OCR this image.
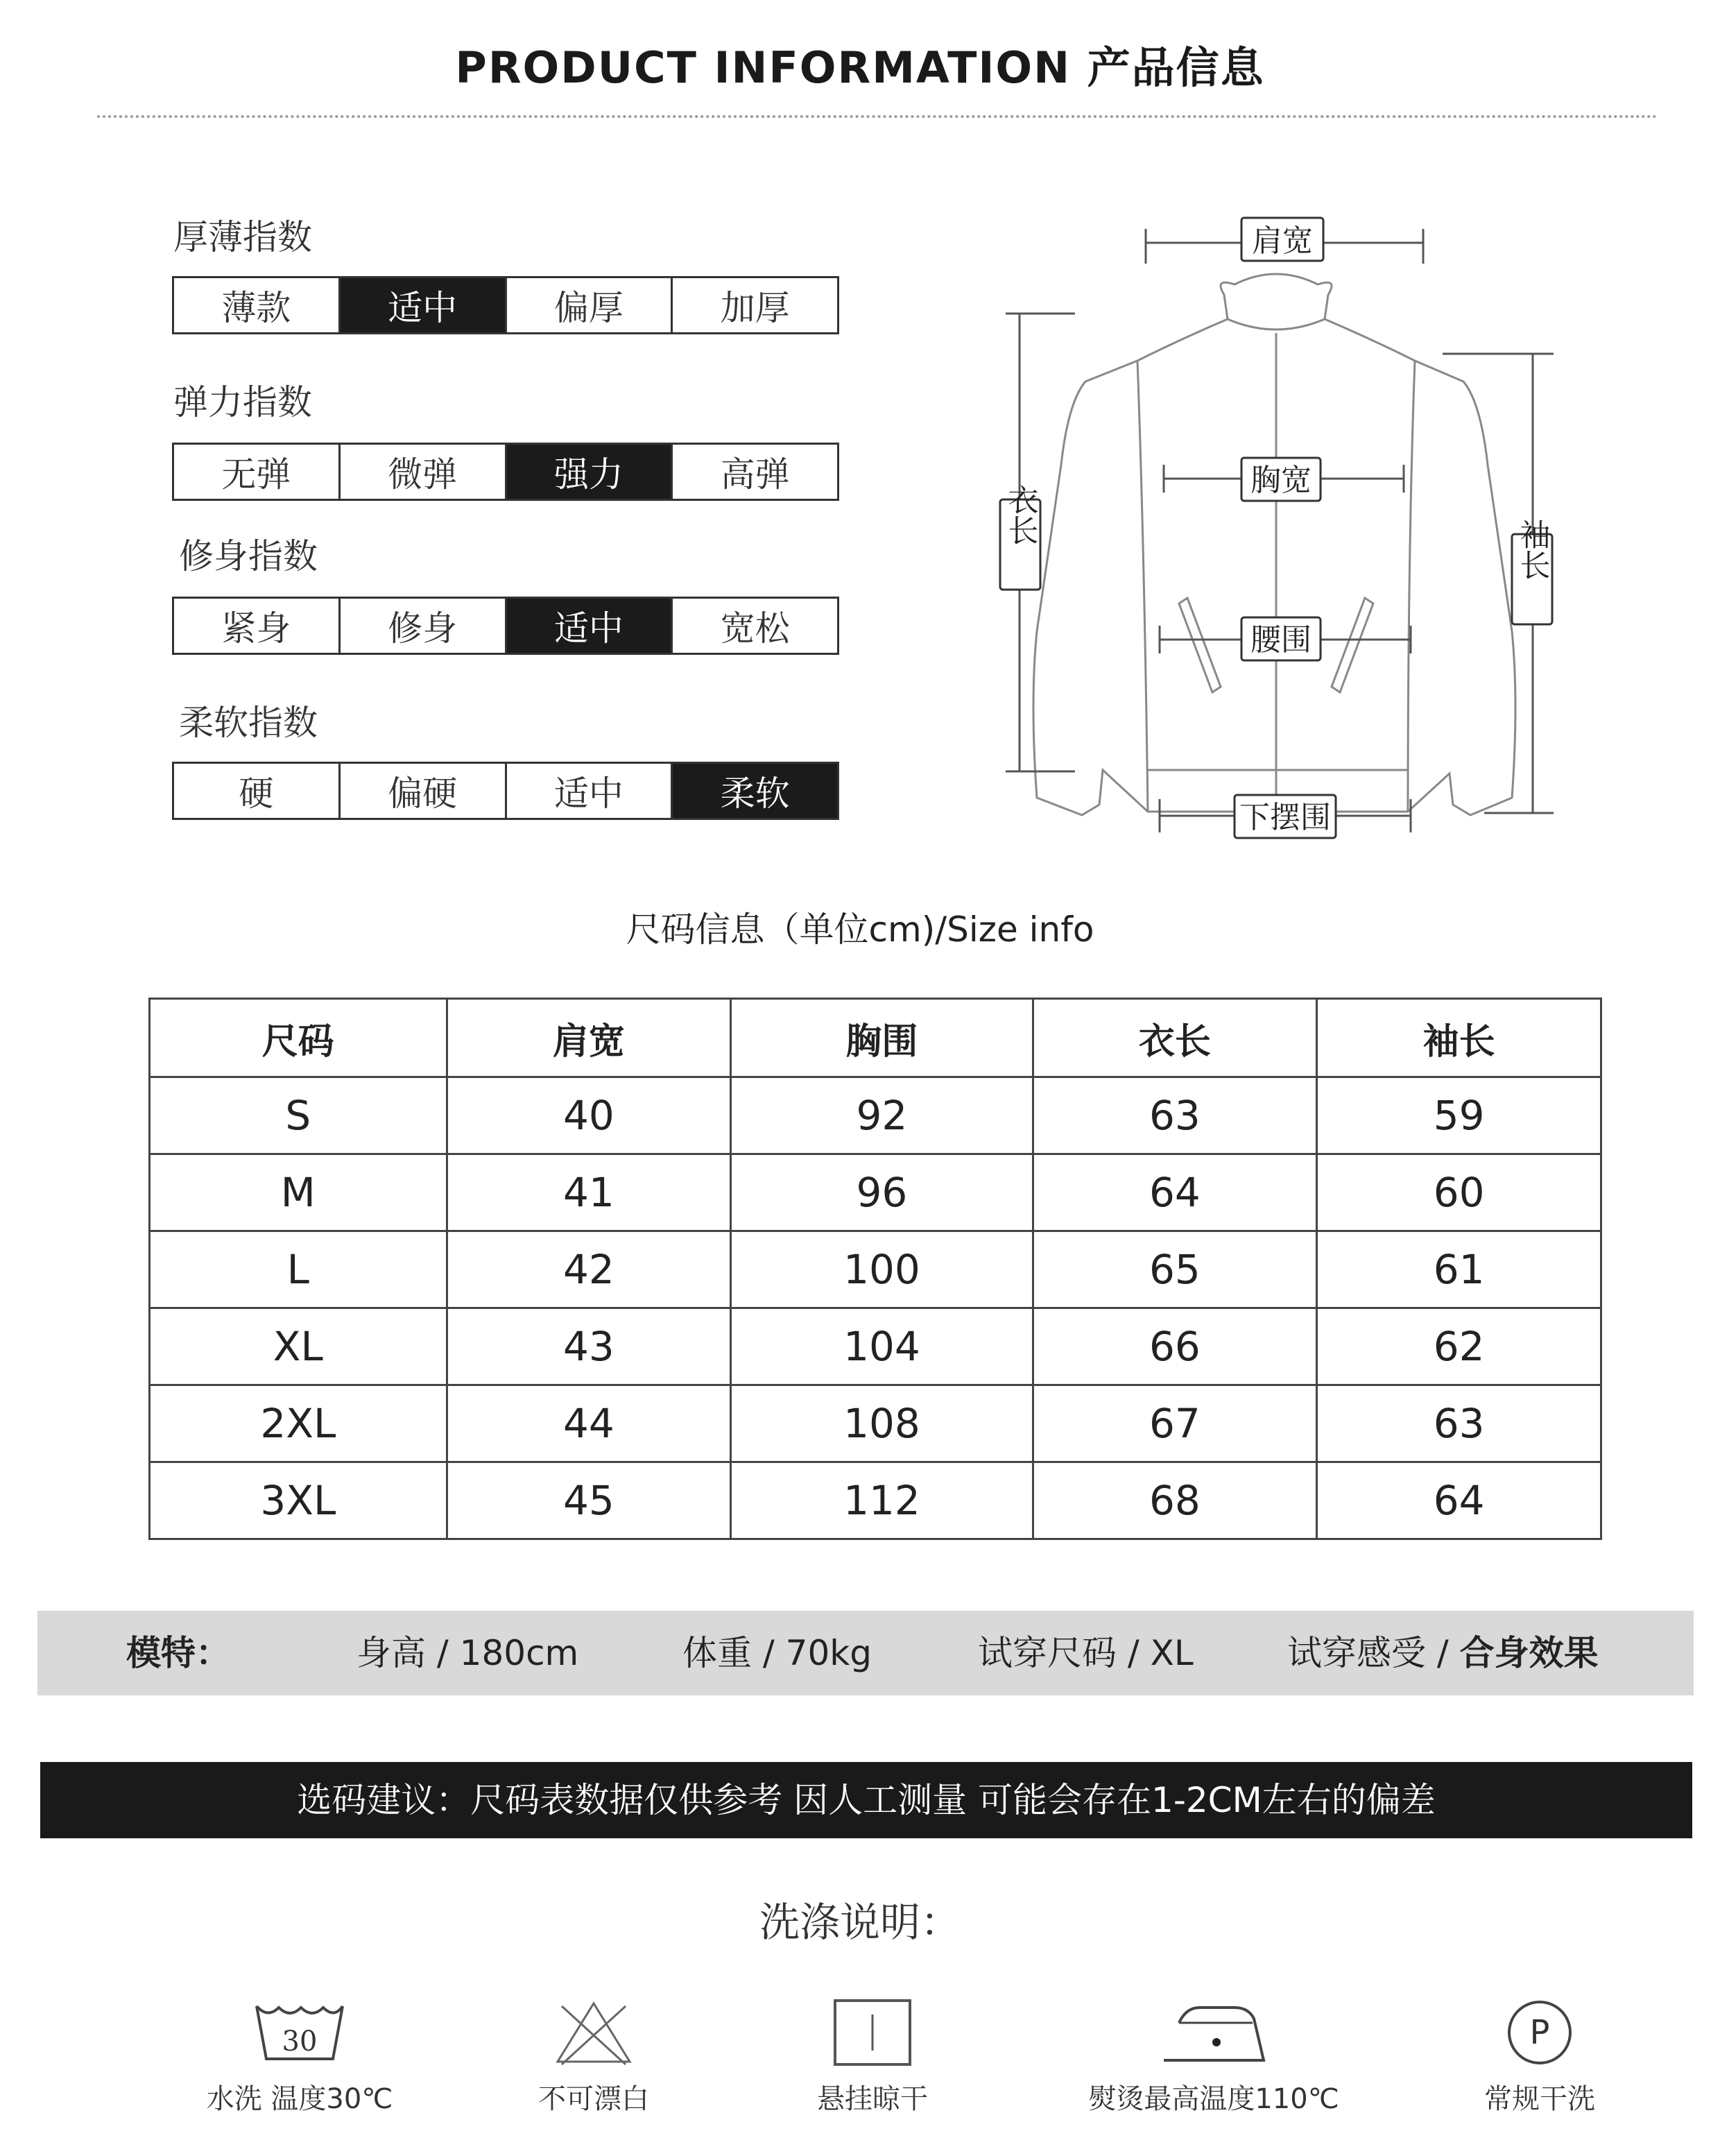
PRODUCT INFORMATION 产品信息
厚薄指数
薄款	适中	偏厚	加厚
弹力指数
无弹	微弹	强力	高弹
修身指数
紧身	修身	适中	宽松
柔软指数
硬	偏硬	适中	柔软
肩宽
胸宽
腰围
下摆围
衣长
袖长
尺码信息（单位cm)/Size info
尺码	肩宽	胸围	衣长	袖长
S	40	92	63	59
M	41	96	64	60
L	42	100	65	61
XL	43	104	66	62
2XL	44	108	67	63
3XL	45	112	68	64
模特：	身高 / 180cm	体重 / 70kg	试穿尺码 / XL	试穿感受 / 合身效果
选码建议：尺码表数据仅供参考 因人工测量 可能会存在1-2CM左右的偏差
洗涤说明：
30
水洗 温度30℃	不可漂白	悬挂晾干	熨烫最高温度110℃
P
常规干洗
